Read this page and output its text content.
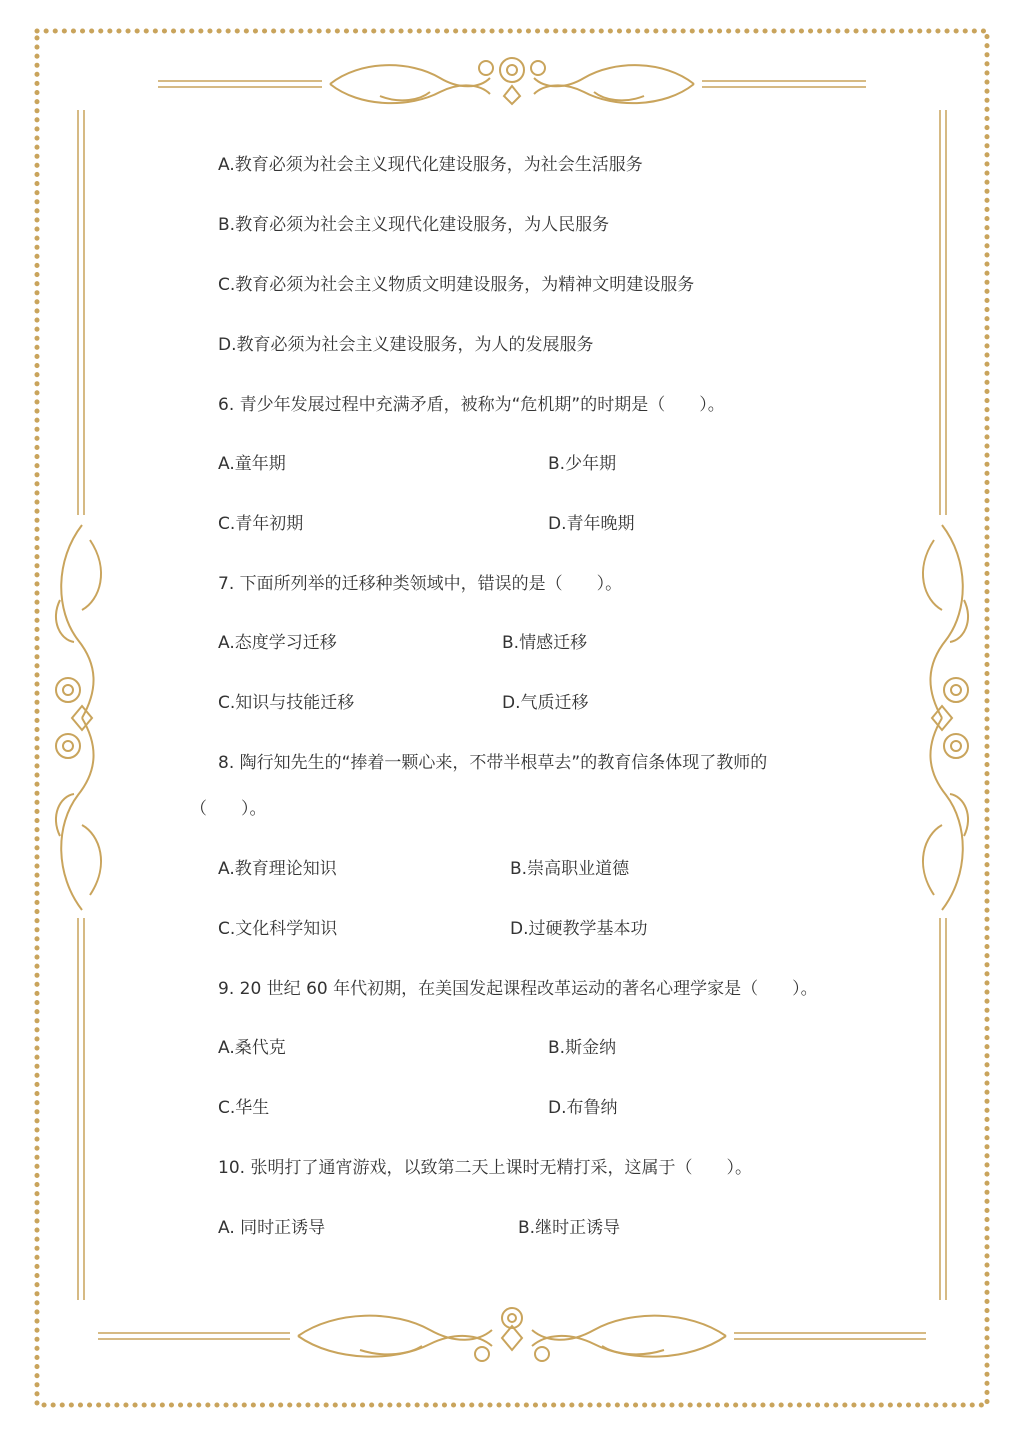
A.教育必须为社会主义现代化建设服务，为社会生活服务
B.教育必须为社会主义现代化建设服务，为人民服务
C.教育必须为社会主义物质文明建设服务，为精神文明建设服务
D.教育必须为社会主义建设服务，为人的发展服务
6. 青少年发展过程中充满矛盾，被称为“危机期”的时期是（　　）。
A.童年期	B.少年期
C.青年初期	D.青年晚期
7. 下面所列举的迁移种类领域中，错误的是（　　）。
A.态度学习迁移	B.情感迁移
C.知识与技能迁移	D.气质迁移
8. 陶行知先生的“捧着一颗心来，不带半根草去”的教育信条体现了教师的
（　　）。
A.教育理论知识	B.崇高职业道德
C.文化科学知识	D.过硬教学基本功
9. 20 世纪 60 年代初期，在美国发起课程改革运动的著名心理学家是（　　）。
A.桑代克	B.斯金纳
C.华生	D.布鲁纳
10. 张明打了通宵游戏，以致第二天上课时无精打采，这属于（　　）。
A. 同时正诱导	B.继时正诱导
